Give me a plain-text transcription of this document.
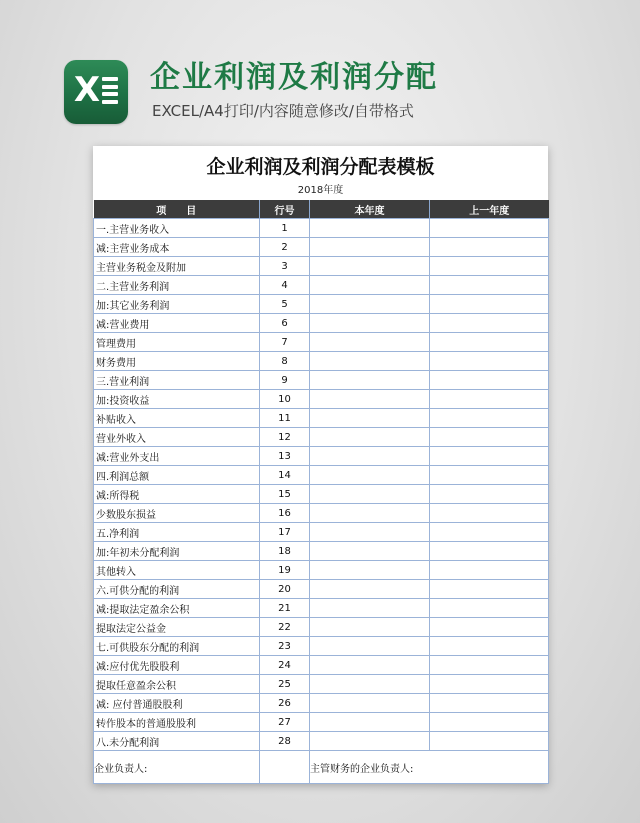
X 企业利润及利润分配
EXCEL/A4打印/内容随意修改/自带格式
企业利润及利润分配表模板
2018年度
项　　目	行号	本年度	上一年度
一.主营业务收入	1		
减:主营业务成本	2		
主营业务税金及附加	3		
二.主营业务利润	4		
加:其它业务利润	5		
减:营业费用	6		
管理费用	7		
财务费用	8		
三.营业利润	9		
加:投资收益	10		
补贴收入	11		
营业外收入	12		
减:营业外支出	13		
四.利润总额	14		
减:所得税	15		
少数股东损益	16		
五.净利润	17		
加:年初未分配利润	18		
其他转入	19		
六.可供分配的利润	20		
减:提取法定盈余公积	21		
提取法定公益金	22		
七.可供股东分配的利润	23		
减:应付优先股股利	24		
提取任意盈余公积	25		
减: 应付普通股股利	26		
转作股本的普通股股利	27		
八.未分配利润	28		
企业负责人:		主管财务的企业负责人:	
